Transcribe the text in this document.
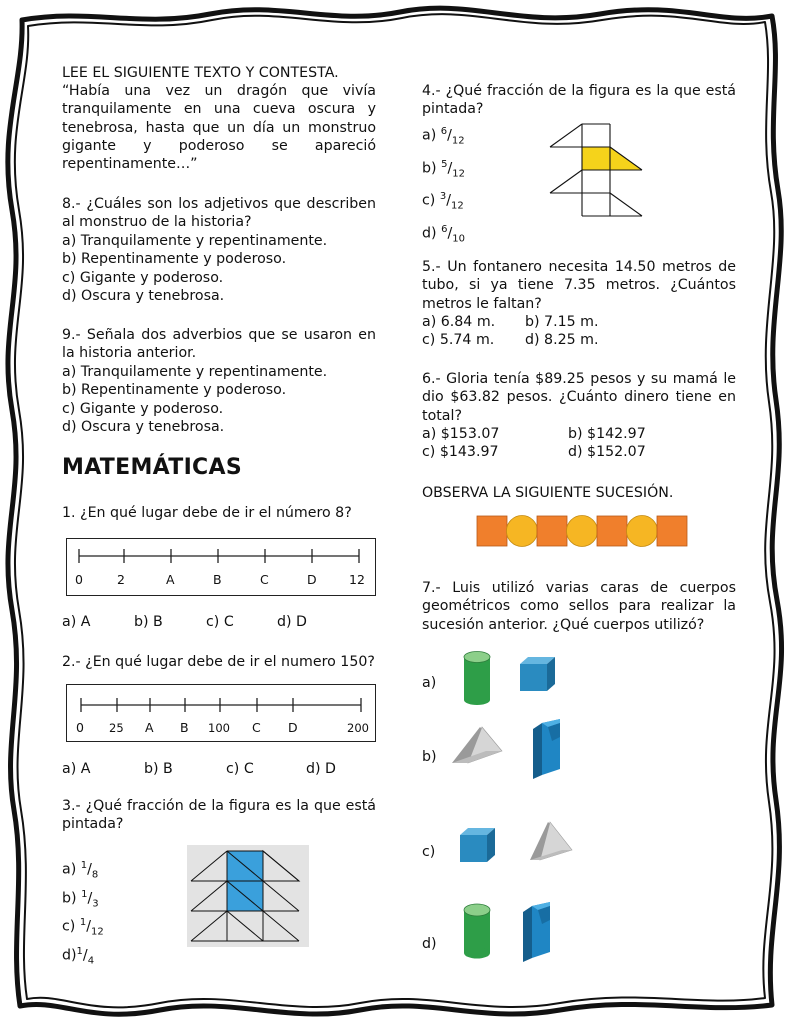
LEE EL SIGUIENTE TEXTO Y CONTESTA.
“Había una vez un dragón que vivía tranquilamente en una cueva oscura y tenebrosa, hasta que un día un monstruo gigante y poderoso se apareció repentinamente…”
8.- ¿Cuáles son los adjetivos que describen al monstruo de la historia?
a) Tranquilamente y repentinamente.
b) Repentinamente y poderoso.
c) Gigante y poderoso.
d) Oscura y tenebrosa.
9.- Señala dos adverbios que se usaron en la historia anterior.
a) Tranquilamente y repentinamente.
b) Repentinamente y poderoso.
c) Gigante y poderoso.
d) Oscura y tenebrosa.
MATEMÁTICAS
1. ¿En qué lugar debe de ir el número 8?
0	2	A	B	C	D	12
a) A	b) B	c) C	d) D
2.- ¿En qué lugar debe de ir el numero 150?
0 25 A B 100 C D	200
a) A	b) B	c) C	d) D
3.- ¿Qué fracción de la figura es la que está pintada?
a) $^1/_8$
b) $^1/_3$
c) $^1/_{12}$
$d)^1/_4$
4.- ¿Qué fracción de la figura es la que está pintada?
a) $^6/_{12}$
b) $^5/_{12}$
c) $^3/_{12}$
d) $^6/_{10}$
5.- Un fontanero necesita 14.50 metros de tubo, si ya tiene 7.35 metros. ¿Cuántos metros le faltan?
a) 6.84 m. b) 7.15 m.
c) 5.74 m. d) 8.25 m.
6.- Gloria tenía $89.25 pesos y su mamá le dio $63.82 pesos. ¿Cuánto dinero tiene en total?
a) $153.07	b) $142.97
c) $143.97	d) $152.07
OBSERVA LA SIGUIENTE SUCESIÓN.
7.- Luis utilizó varias caras de cuerpos geométricos como sellos para realizar la sucesión anterior. ¿Qué cuerpos utilizó?
a)
b)
c)
d)
